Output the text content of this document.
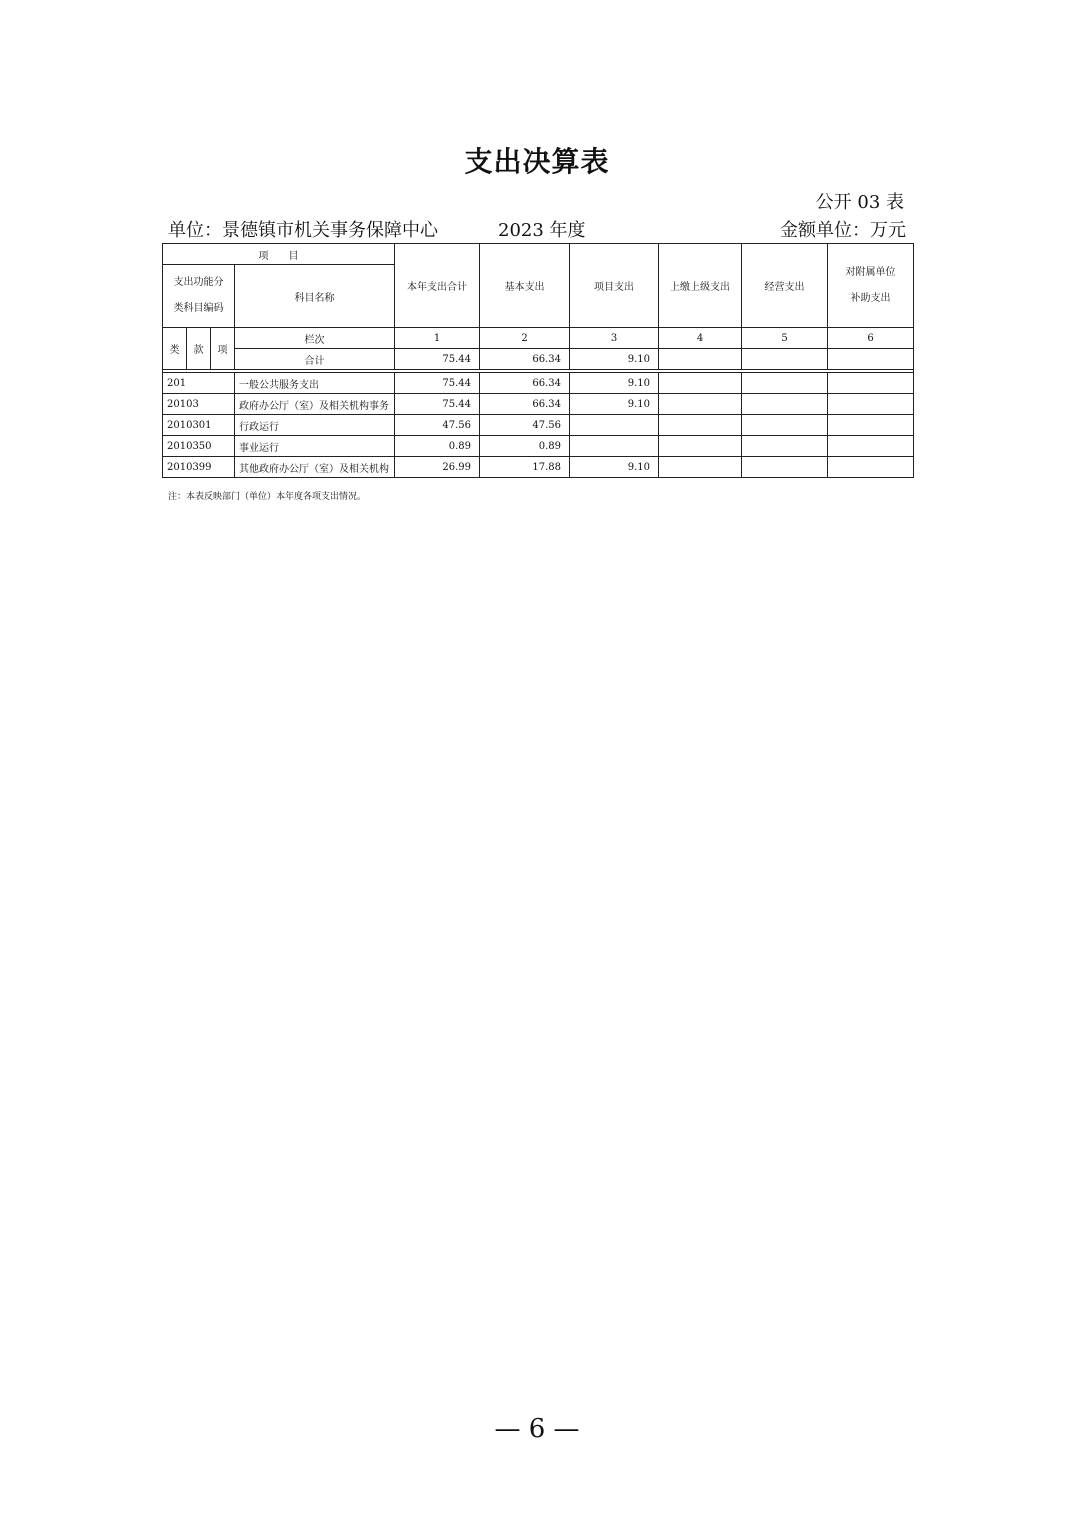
支出决算表
公开 03 表
单位：景德镇市机关事务保障中心	2023 年度	金额单位：万元
项　　目				本年支出合计	基本支出	项目支出	上缴上级支出	经营支出	对附属单位补助支出
支出功能分类科目编码			科目名称						

类	款	项	栏次	1	2	3	4	5	6
			合计	75.44	66.34	9.10			

201			一般公共服务支出	75.44	66.34	9.10			
20103			政府办公厅（室）及相关机构事务	75.44	66.34	9.10			
2010301			行政运行	47.56	47.56				
2010350			事业运行	0.89	0.89				
2010399			其他政府办公厅（室）及相关机构	26.99	17.88	9.10			
注：本表反映部门（单位）本年度各项支出情况。
— 6 —
